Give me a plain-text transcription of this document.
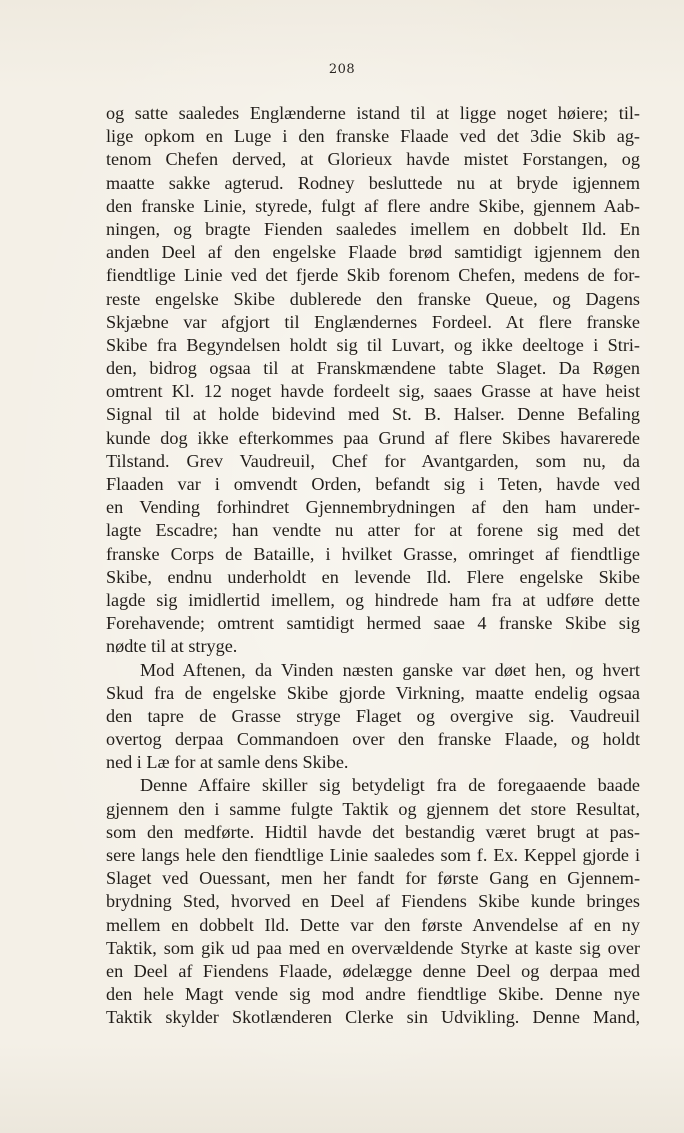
208
og satte saaledes Englænderne istand til at ligge noget høiere; til-
lige opkom en Luge i den franske Flaade ved det 3die Skib ag-
tenom Chefen derved, at Glorieux havde mistet Forstangen, og
maatte sakke agterud. Rodney besluttede nu at bryde igjennem
den franske Linie, styrede, fulgt af flere andre Skibe, gjennem Aab-
ningen, og bragte Fienden saaledes imellem en dobbelt Ild. En
anden Deel af den engelske Flaade brød samtidigt igjennem den
fiendtlige Linie ved det fjerde Skib forenom Chefen, medens de for-
reste engelske Skibe dublerede den franske Queue, og Dagens
Skjæbne var afgjort til Englændernes Fordeel. At flere franske
Skibe fra Begyndelsen holdt sig til Luvart, og ikke deeltoge i Stri-
den, bidrog ogsaa til at Franskmændene tabte Slaget. Da Røgen
omtrent Kl. 12 noget havde fordeelt sig, saaes Grasse at have heist
Signal til at holde bidevind med St. B. Halser. Denne Befaling
kunde dog ikke efterkommes paa Grund af flere Skibes havarerede
Tilstand. Grev Vaudreuil, Chef for Avantgarden, som nu, da
Flaaden var i omvendt Orden, befandt sig i Teten, havde ved
en Vending forhindret Gjennembrydningen af den ham under-
lagte Escadre; han vendte nu atter for at forene sig med det
franske Corps de Bataille, i hvilket Grasse, omringet af fiendtlige
Skibe, endnu underholdt en levende Ild. Flere engelske Skibe
lagde sig imidlertid imellem, og hindrede ham fra at udføre dette
Forehavende; omtrent samtidigt hermed saae 4 franske Skibe sig
nødte til at stryge.
Mod Aftenen, da Vinden næsten ganske var døet hen, og hvert
Skud fra de engelske Skibe gjorde Virkning, maatte endelig ogsaa
den tapre de Grasse stryge Flaget og overgive sig. Vaudreuil
overtog derpaa Commandoen over den franske Flaade, og holdt
ned i Læ for at samle dens Skibe.
Denne Affaire skiller sig betydeligt fra de foregaaende baade
gjennem den i samme fulgte Taktik og gjennem det store Resultat,
som den medførte. Hidtil havde det bestandig været brugt at pas-
sere langs hele den fiendtlige Linie saaledes som f. Ex. Keppel gjorde i
Slaget ved Ouessant, men her fandt for første Gang en Gjennem-
brydning Sted, hvorved en Deel af Fiendens Skibe kunde bringes
mellem en dobbelt Ild. Dette var den første Anvendelse af en ny
Taktik, som gik ud paa med en overvældende Styrke at kaste sig over
en Deel af Fiendens Flaade, ødelægge denne Deel og derpaa med
den hele Magt vende sig mod andre fiendtlige Skibe. Denne nye
Taktik skylder Skotlænderen Clerke sin Udvikling. Denne Mand,
